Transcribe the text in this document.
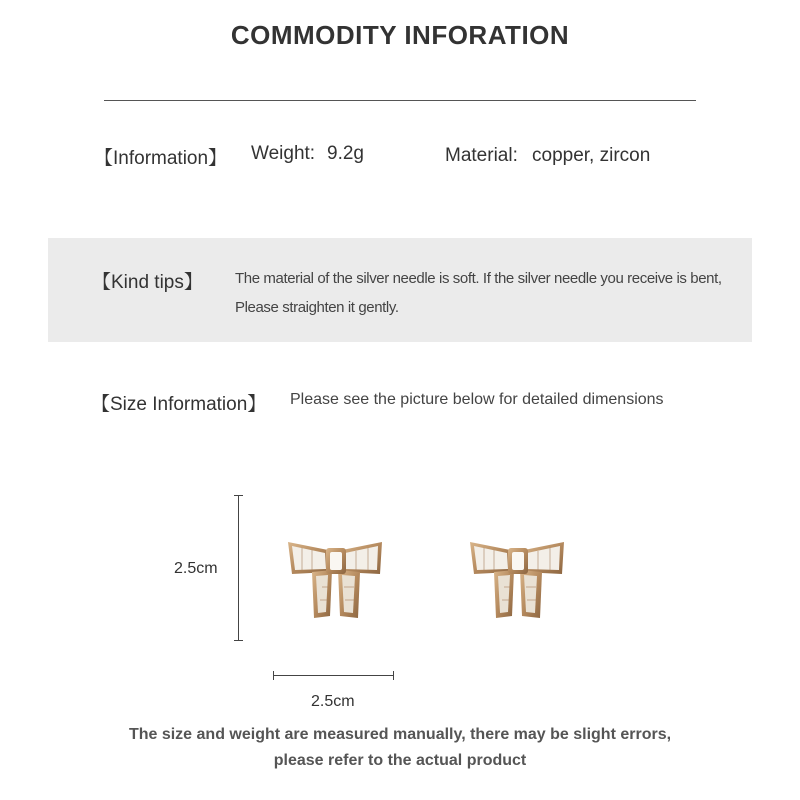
COMMODITY INFORATION
【Information】 Weight: 9.2g	Material: copper, zircon
【Kind tips】 The material of the silver needle is soft. If the silver needle you receive is bent,
Please straighten it gently.
【Size Information】 Please see the picture below for detailed dimensions
2.5cm
2.5cm
The size and weight are measured manually, there may be slight errors,
please refer to the actual product
